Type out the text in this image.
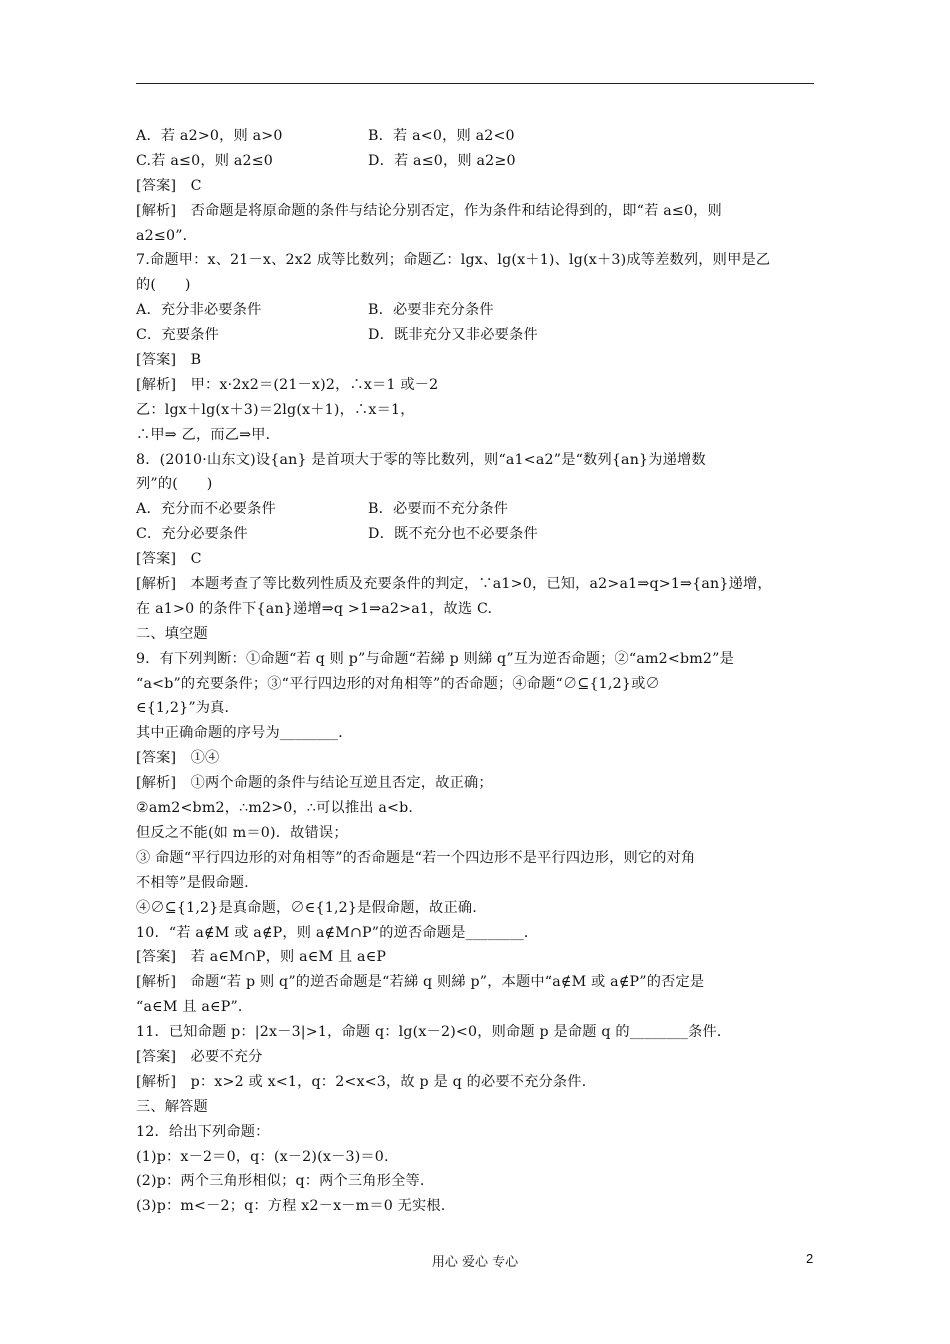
A．若 a2>0，则 a>0	B．若 a<0，则 a2<0
C.若 a≤0，则 a2≤0	D．若 a≤0，则 a2≥0
[答案]　C
[解析]　否命题是将原命题的条件与结论分别否定，作为条件和结论得到的，即“若 a≤0，则
a2≤0”．
7.命题甲：x、21－x、2x2 成等比数列；命题乙：lgx、lg(x＋1)、lg(x＋3)成等差数列，则甲是乙
的(　　)
A．充分非必要条件	B．必要非充分条件
C．充要条件	D．既非充分又非必要条件
[答案]　B
[解析]　甲：x·2x2＝(21－x)2，∴x＝1 或－2
乙：lgx＋lg(x＋3)＝2lg(x＋1)，∴x＝1，
∴甲⇒ 乙，而乙⇒甲．
8．(2010·山东文)设{an} 是首项大于零的等比数列，则“a1<a2”是“数列{an}为递增数
列”的(　　)
A．充分而不必要条件	B．必要而不充分条件
C．充分必要条件	D．既不充分也不必要条件
[答案]　C
[解析]　本题考查了等比数列性质及充要条件的判定，∵a1>0，已知，a2>a1⇒q>1⇒{an}递增，
在 a1>0 的条件下{an}递增⇒q >1⇒a2>a1，故选 C.
二、填空题
9．有下列判断：①命题“若 q 则 p”与命题“若綈 p 则綈 q”互为逆否命题；②“am2<bm2”是
“a<b”的充要条件；③“平行四边形的对角相等”的否命题；④命题“∅⊆{1,2}或∅
∈{1,2}”为真．
其中正确命题的序号为________．
[答案]　①④
[解析]　①两个命题的条件与结论互逆且否定，故正确；
②am2<bm2，∴m2>0，∴可以推出 a<b.
但反之不能(如 m＝0)．故错误；
③ 命题“平行四边形的对角相等”的否命题是“若一个四边形不是平行四边形，则它的对角
不相等”是假命题.
④∅⊆{1,2}是真命题，∅∈{1,2}是假命题，故正确.
10．“若 a∉M 或 a∉P，则 a∉M∩P”的逆否命题是________．
[答案]　若 a∈M∩P，则 a∈M 且 a∈P
[解析]　命题“若 p 则 q”的逆否命题是“若綈 q 则綈 p”，本题中“a∉M 或 a∉P”的否定是
“a∈M 且 a∈P”．
11．已知命题 p：|2x－3|>1，命题 q：lg(x－2)<0，则命题 p 是命题 q 的________条件．
[答案]　必要不充分
[解析]　p：x>2 或 x<1，q：2<x<3，故 p 是 q 的必要不充分条件．
三、解答题
12．给出下列命题：
(1)p：x－2＝0，q：(x－2)(x－3)＝0.
(2)p：两个三角形相似；q：两个三角形全等.
(3)p：m<－2；q：方程 x2－x－m＝0 无实根.
用心 爱心 专心	2
